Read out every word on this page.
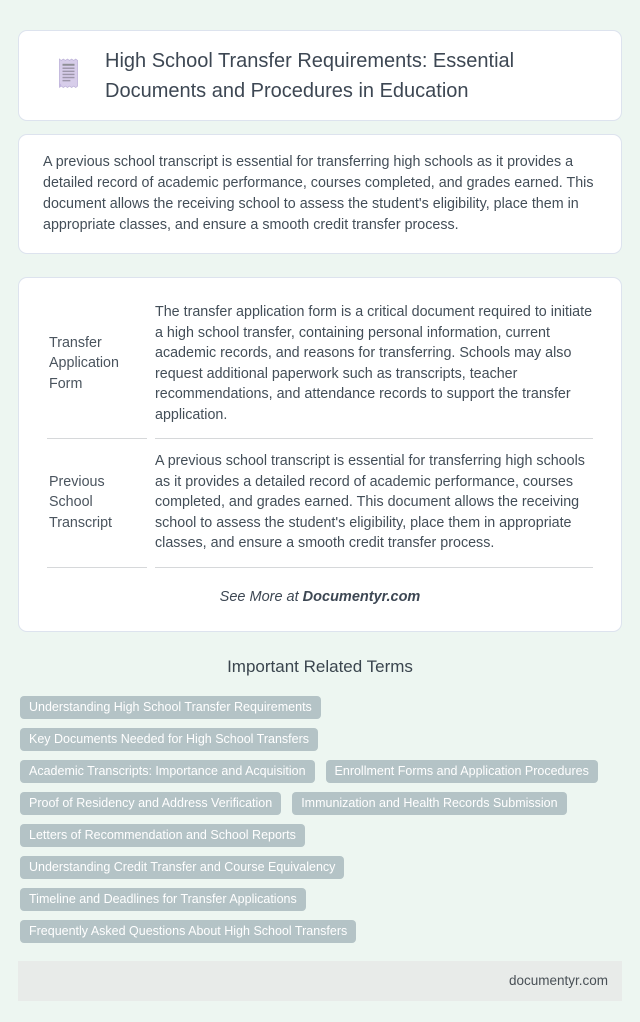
High School Transfer Requirements: Essential Documents and Procedures in Education

A previous school transcript is essential for transferring high schools as it provides a detailed record of academic performance, courses completed, and grades earned. This document allows the receiving school to assess the student's eligibility, place them in appropriate classes, and ensure a smooth credit transfer process.

Transfer Application Form	The transfer application form is a critical document required to initiate a high school transfer, containing personal information, current academic records, and reasons for transferring. Schools may also request additional paperwork such as transcripts, teacher recommendations, and attendance records to support the transfer application.
Previous School Transcript	A previous school transcript is essential for transferring high schools as it provides a detailed record of academic performance, courses completed, and grades earned. This document allows the receiving school to assess the student's eligibility, place them in appropriate classes, and ensure a smooth credit transfer process.

See More at Documentyr.com

Important Related Terms
Understanding High School Transfer Requirements
Key Documents Needed for High School Transfers
Academic Transcripts: Importance and Acquisition	Enrollment Forms and Application Procedures
Proof of Residency and Address Verification	Immunization and Health Records Submission
Letters of Recommendation and School Reports
Understanding Credit Transfer and Course Equivalency
Timeline and Deadlines for Transfer Applications
Frequently Asked Questions About High School Transfers
documentyr.com
